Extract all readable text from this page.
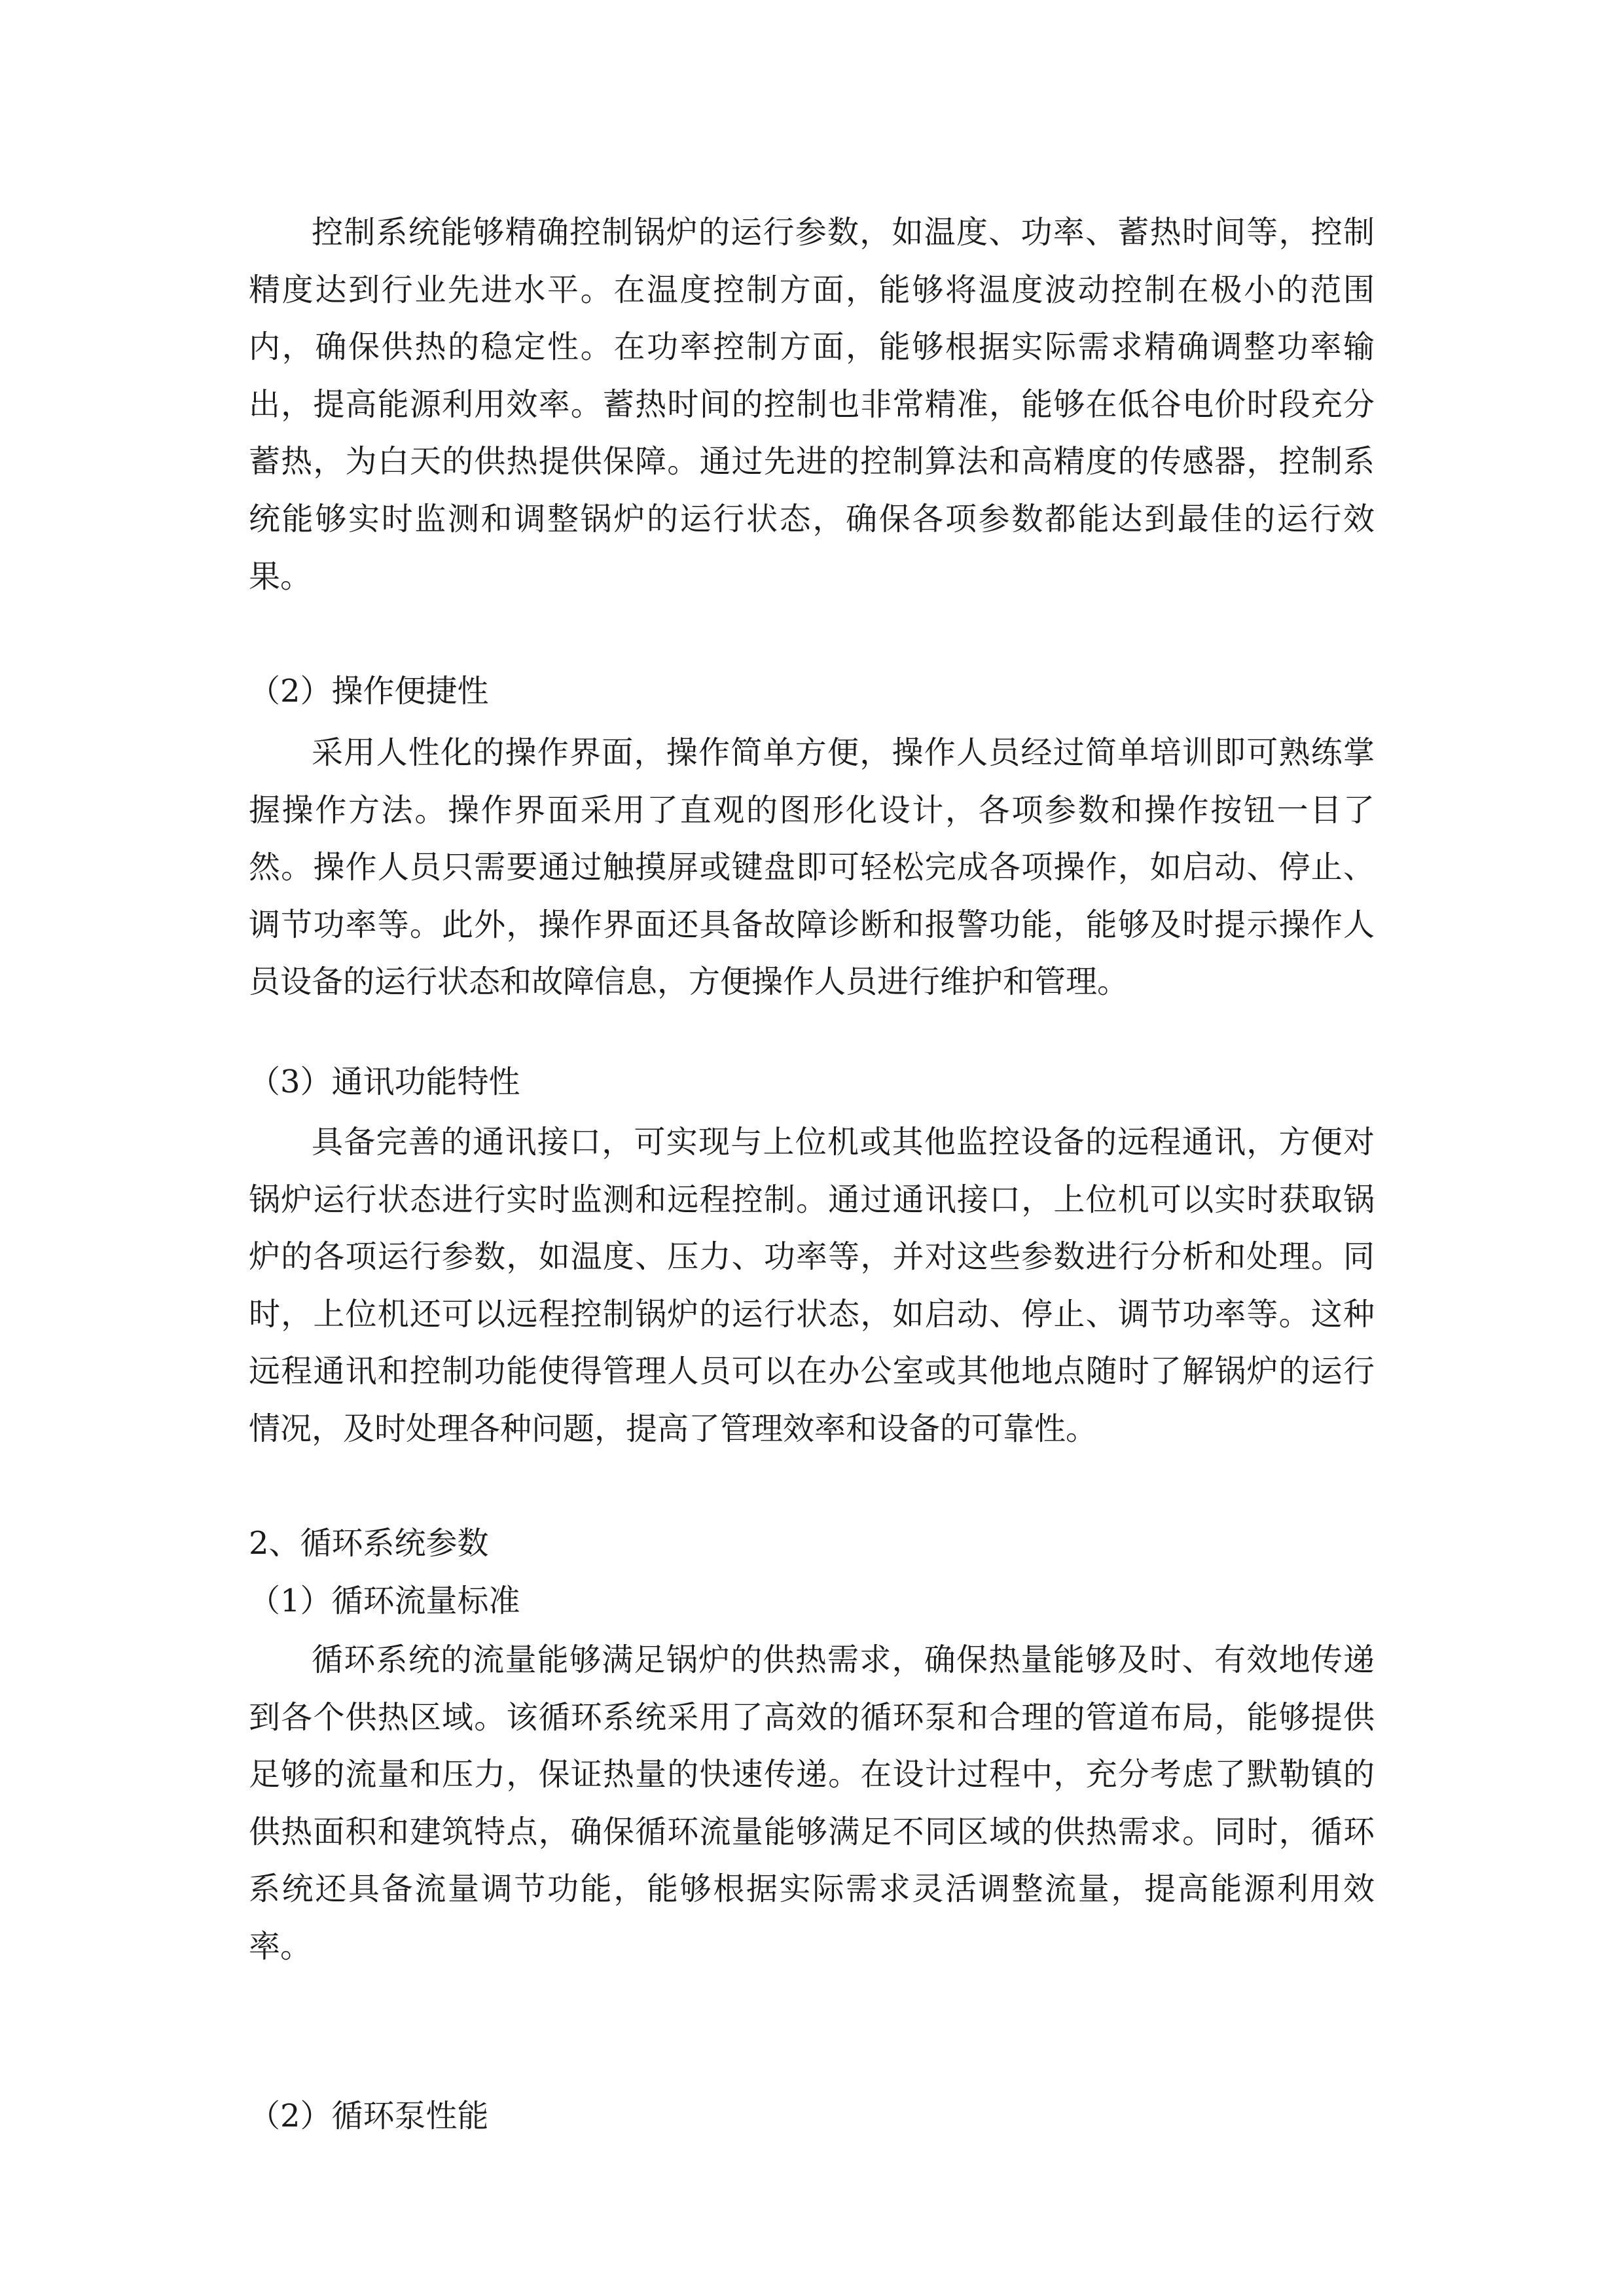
控制系统能够精确控制锅炉的运行参数，如温度、功率、蓄热时间等，控制精度达到行业先进水平。在温度控制方面，能够将温度波动控制在极小的范围内，确保供热的稳定性。在功率控制方面，能够根据实际需求精确调整功率输出，提高能源利用效率。蓄热时间的控制也非常精准，能够在低谷电价时段充分蓄热，为白天的供热提供保障。通过先进的控制算法和高精度的传感器，控制系统能够实时监测和调整锅炉的运行状态，确保各项参数都能达到最佳的运行效果。

（2）操作便捷性

采用人性化的操作界面，操作简单方便，操作人员经过简单培训即可熟练掌握操作方法。操作界面采用了直观的图形化设计，各项参数和操作按钮一目了然。操作人员只需要通过触摸屏或键盘即可轻松完成各项操作，如启动、停止、调节功率等。此外，操作界面还具备故障诊断和报警功能，能够及时提示操作人员设备的运行状态和故障信息，方便操作人员进行维护和管理。

（3）通讯功能特性

具备完善的通讯接口，可实现与上位机或其他监控设备的远程通讯，方便对锅炉运行状态进行实时监测和远程控制。通过通讯接口，上位机可以实时获取锅炉的各项运行参数，如温度、压力、功率等，并对这些参数进行分析和处理。同时，上位机还可以远程控制锅炉的运行状态，如启动、停止、调节功率等。这种远程通讯和控制功能使得管理人员可以在办公室或其他地点随时了解锅炉的运行情况，及时处理各种问题，提高了管理效率和设备的可靠性。

2、循环系统参数

（1）循环流量标准

循环系统的流量能够满足锅炉的供热需求，确保热量能够及时、有效地传递到各个供热区域。该循环系统采用了高效的循环泵和合理的管道布局，能够提供足够的流量和压力，保证热量的快速传递。在设计过程中，充分考虑了默勒镇的供热面积和建筑特点，确保循环流量能够满足不同区域的供热需求。同时，循环系统还具备流量调节功能，能够根据实际需求灵活调整流量，提高能源利用效率。

（2）循环泵性能
